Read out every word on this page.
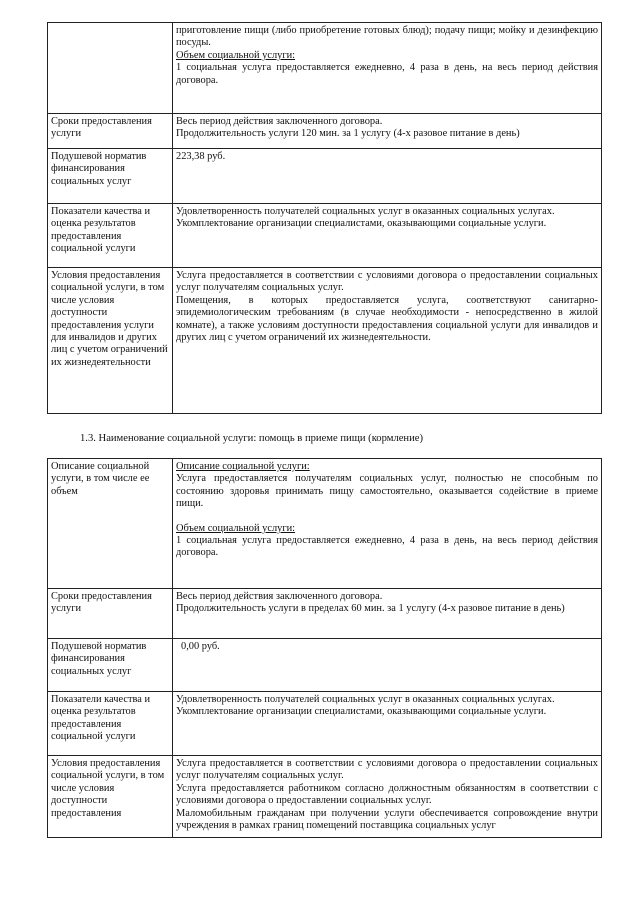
	приготовление пищи (либо приобретение готовых блюд); подачу пищи; мойку и дезинфекцию посуды.
Объем социальной услуги:
1 социальная услуга предоставляется ежедневно, 4 раза в день, на весь период действия договора.

Сроки предоставления услуги	Весь период действия заключенного договора.
Продолжительность услуги 120 мин. за 1 услугу (4-х разовое питание в день)

Подушевой норматив финансирования социальных услуг	223,38 руб.

Показатели качества и оценка результатов предоставления социальной услуги	Удовлетворенность получателей социальных услуг в оказанных социальных услугах.
Укомплектование организации специалистами, оказывающими социальные услуги.

Условия предоставления социальной услуги, в том числе условия доступности предоставления услуги для инвалидов и других лиц с учетом ограничений их жизнедеятельности	Услуга предоставляется в соответствии с условиями договора о предоставлении социальных услуг получателям социальных услуг.
Помещения, в которых предоставляется услуга, соответствуют санитарно-эпидемиологическим требованиям (в случае необходимости - непосредственно в жилой комнате), а также условиям доступности предоставления социальной услуги для инвалидов и других лиц с учетом ограничений их жизнедеятельности.
1.3. Наименование социальной услуги: помощь в приеме пищи (кормление)
Описание социальной услуги, в том числе ее объем	Описание социальной услуги:
Услуга предоставляется получателям социальных услуг, полностью не способным по состоянию здоровья принимать пищу самостоятельно, оказывается содействие в приеме пищи.
Объем социальной услуги:
1 социальная услуга предоставляется ежедневно, 4 раза в день, на весь период действия договора.

Сроки предоставления услуги	Весь период действия заключенного договора.
Продолжительность услуги в пределах 60 мин. за 1 услугу (4-х разовое питание в день)

Подушевой норматив финансирования социальных услуг	0,00 руб.

Показатели качества и оценка результатов предоставления социальной услуги	Удовлетворенность получателей социальных услуг в оказанных социальных услугах.
Укомплектование организации специалистами, оказывающими социальные услуги.

Условия предоставления социальной услуги, в том числе условия доступности предоставления	Услуга предоставляется в соответствии с условиями договора о предоставлении социальных услуг получателям социальных услуг.
Услуга предоставляется работником согласно должностным обязанностям в соответствии с условиями договора о предоставлении социальных услуг.
Маломобильным гражданам при получении услуги обеспечивается сопровождение внутри учреждения в рамках границ помещений поставщика социальных услуг
